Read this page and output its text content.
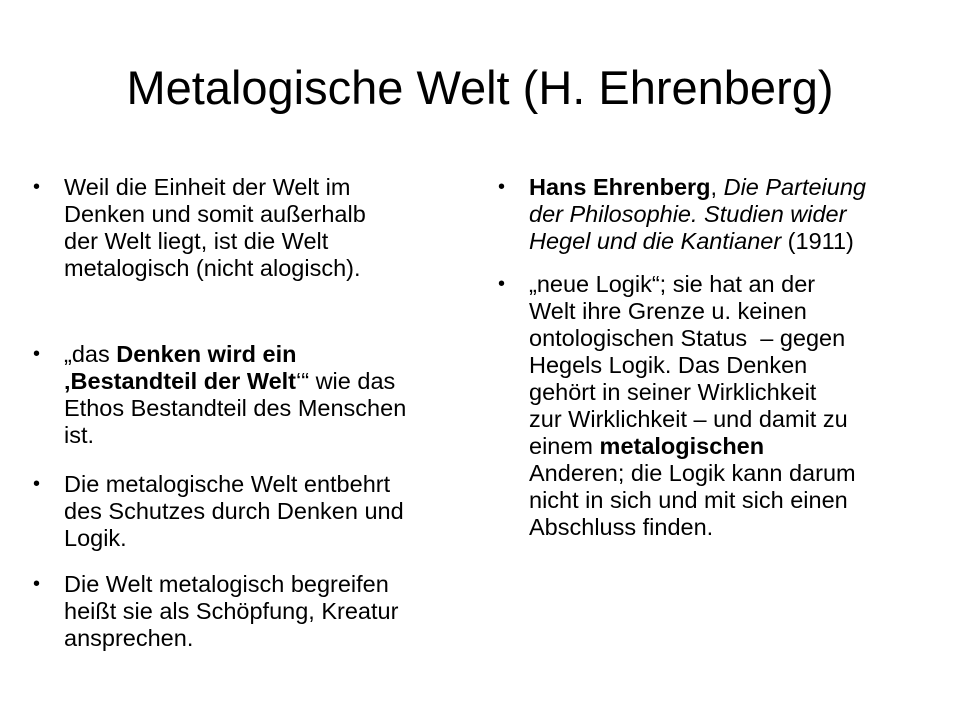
Metalogische Welt (H. Ehrenberg)
•	Weil die Einheit der Welt im
Denken und somit außerhalb
der Welt liegt, ist die Welt
metalogisch (nicht alogisch).
•	„das Denken wird ein
‚Bestandteil der Welt‘“ wie das
Ethos Bestandteil des Menschen
ist.
•	Die metalogische Welt entbehrt
des Schutzes durch Denken und
Logik.
•	Die Welt metalogisch begreifen
heißt sie als Schöpfung, Kreatur
ansprechen.
•	Hans Ehrenberg, Die Parteiung
der Philosophie. Studien wider
Hegel und die Kantianer (1911)
•	„neue Logik“; sie hat an der
Welt ihre Grenze u. keinen
ontologischen Status  – gegen
Hegels Logik. Das Denken
gehört in seiner Wirklichkeit
zur Wirklichkeit – und damit zu
einem metalogischen
Anderen; die Logik kann darum
nicht in sich und mit sich einen
Abschluss finden.
